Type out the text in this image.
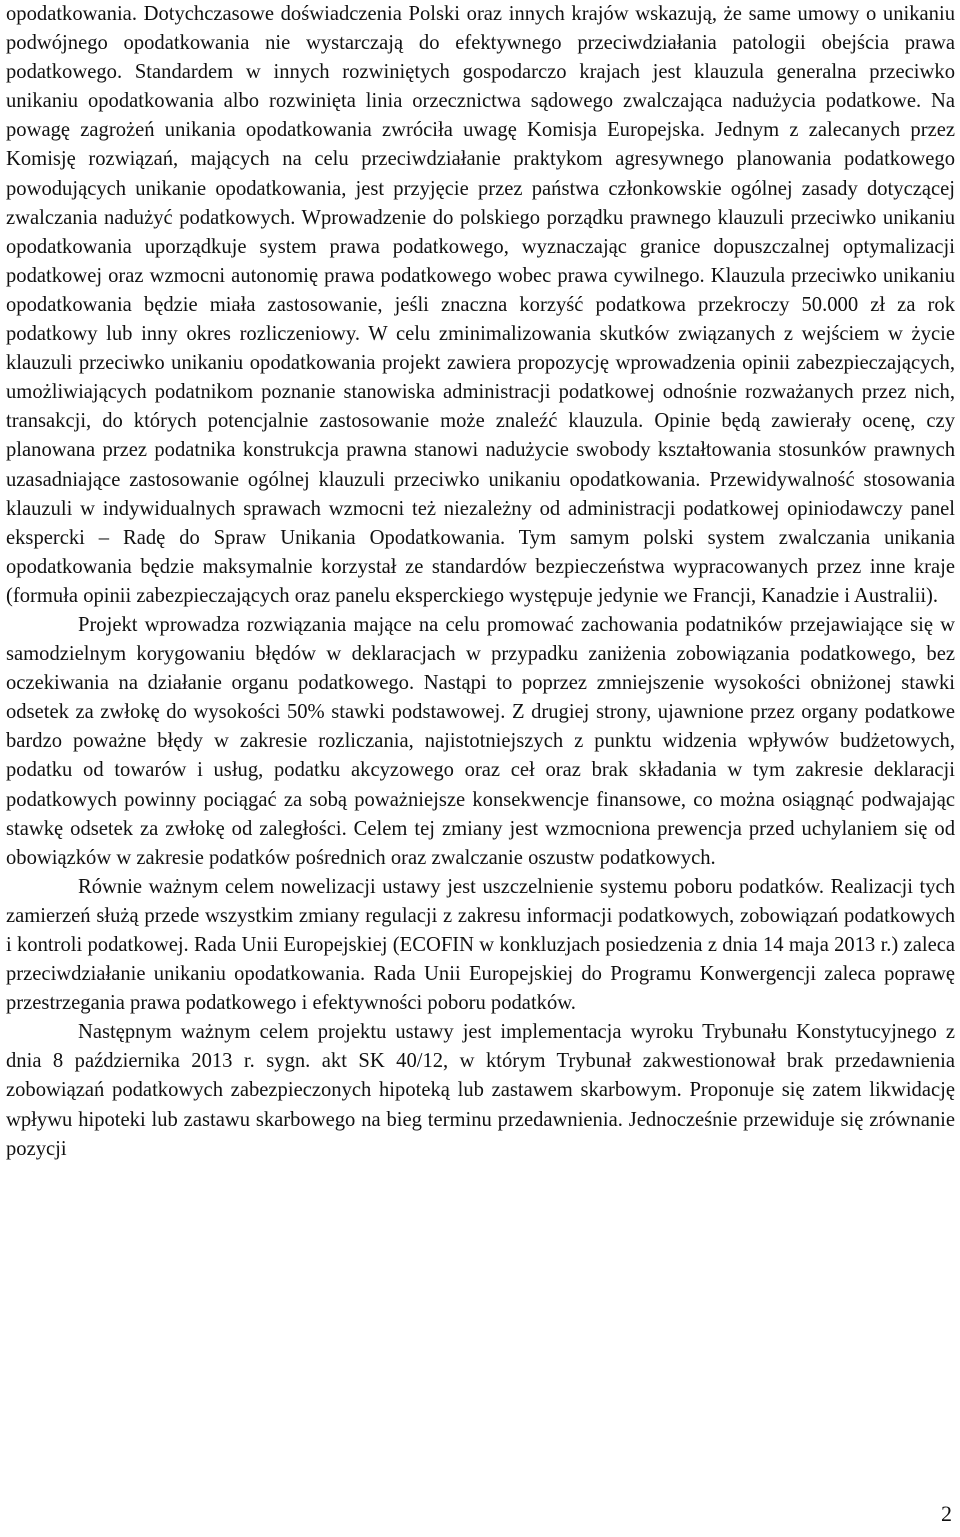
opodatkowania. Dotychczasowe doświadczenia Polski oraz innych krajów wskazują, że same umowy o unikaniu podwójnego opodatkowania nie wystarczają do efektywnego przeciwdziałania patologii obejścia prawa podatkowego. Standardem w innych rozwiniętych gospodarczo krajach jest klauzula generalna przeciwko unikaniu opodatkowania albo rozwinięta linia orzecznictwa sądowego zwalczająca nadużycia podatkowe. Na powagę zagrożeń unikania opodatkowania zwróciła uwagę Komisja Europejska. Jednym z zalecanych przez Komisję rozwiązań, mających na celu przeciwdziałanie praktykom agresywnego planowania podatkowego powodujących unikanie opodatkowania, jest przyjęcie przez państwa członkowskie ogólnej zasady dotyczącej zwalczania nadużyć podatkowych. Wprowadzenie do polskiego porządku prawnego klauzuli przeciwko unikaniu opodatkowania uporządkuje system prawa podatkowego, wyznaczając granice dopuszczalnej optymalizacji podatkowej oraz wzmocni autonomię prawa podatkowego wobec prawa cywilnego. Klauzula przeciwko unikaniu opodatkowania będzie miała zastosowanie, jeśli znaczna korzyść podatkowa przekroczy 50.000 zł za rok podatkowy lub inny okres rozliczeniowy. W celu zminimalizowania skutków związanych z wejściem w życie klauzuli przeciwko unikaniu opodatkowania projekt zawiera propozycję wprowadzenia opinii zabezpieczających, umożliwiających podatnikom poznanie stanowiska administracji podatkowej odnośnie rozważanych przez nich, transakcji, do których potencjalnie zastosowanie może znaleźć klauzula. Opinie będą zawierały ocenę, czy planowana przez podatnika konstrukcja prawna stanowi nadużycie swobody kształtowania stosunków prawnych uzasadniające zastosowanie ogólnej klauzuli przeciwko unikaniu opodatkowania. Przewidywalność stosowania klauzuli w indywidualnych sprawach wzmocni też niezależny od administracji podatkowej opiniodawczy panel ekspercki – Radę do Spraw Unikania Opodatkowania. Tym samym polski system zwalczania unikania opodatkowania będzie maksymalnie korzystał ze standardów bezpieczeństwa wypracowanych przez inne kraje (formuła opinii zabezpieczających oraz panelu eksperckiego występuje jedynie we Francji, Kanadzie i Australii).

Projekt wprowadza rozwiązania mające na celu promować zachowania podatników przejawiające się w samodzielnym korygowaniu błędów w deklaracjach w przypadku zaniżenia zobowiązania podatkowego, bez oczekiwania na działanie organu podatkowego. Nastąpi to poprzez zmniejszenie wysokości obniżonej stawki odsetek za zwłokę do wysokości 50% stawki podstawowej. Z drugiej strony, ujawnione przez organy podatkowe bardzo poważne błędy w zakresie rozliczania, najistotniejszych z punktu widzenia wpływów budżetowych, podatku od towarów i usług, podatku akcyzowego oraz ceł oraz brak składania w tym zakresie deklaracji podatkowych powinny pociągać za sobą poważniejsze konsekwencje finansowe, co można osiągnąć podwajając stawkę odsetek za zwłokę od zaległości. Celem tej zmiany jest wzmocniona prewencja przed uchylaniem się od obowiązków w zakresie podatków pośrednich oraz zwalczanie oszustw podatkowych.

Równie ważnym celem nowelizacji ustawy jest uszczelnienie systemu poboru podatków. Realizacji tych zamierzeń służą przede wszystkim zmiany regulacji z zakresu informacji podatkowych, zobowiązań podatkowych i kontroli podatkowej. Rada Unii Europejskiej (ECOFIN w konkluzjach posiedzenia z dnia 14 maja 2013 r.) zaleca przeciwdziałanie unikaniu opodatkowania. Rada Unii Europejskiej do Programu Konwergencji zaleca poprawę przestrzegania prawa podatkowego i efektywności poboru podatków.

Następnym ważnym celem projektu ustawy jest implementacja wyroku Trybunału Konstytucyjnego z dnia 8 października 2013 r. sygn. akt SK 40/12, w którym Trybunał zakwestionował brak przedawnienia zobowiązań podatkowych zabezpieczonych hipoteką lub zastawem skarbowym. Proponuje się zatem likwidację wpływu hipoteki lub zastawu skarbowego na bieg terminu przedawnienia. Jednocześnie przewiduje się zrównanie pozycji

2
